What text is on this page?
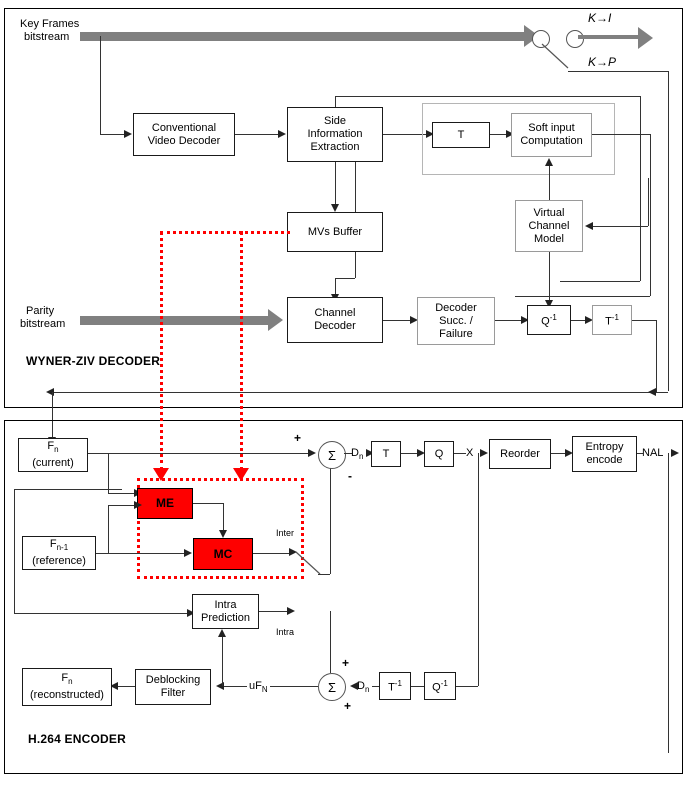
Key Frames
bitstream
K→I
K→P
Conventional
Video Decoder
Side
Information
Extraction
T
Soft input
Computation
MVs Buffer
Virtual
Channel
Model
Parity
bitstream
Channel
Decoder
Decoder
Succ. /
Failure
$Q^{-1}$	$T^{-1}$
WYNER-ZIV DECODER
$F_n$
(current)
ME
MC
$F_{n-1}$
(reference)
Inter
Intra
Prediction
Intra
Σ
+
-
$D_n$ T	Q X Reorder
Entropy
encode
NAL
$Q^{-1}$
$T^{-1}$
$D_n$
Σ
+
+
$uF_N$
Deblocking
Filter
$F_n$
(reconstructed)
H.264 ENCODER
